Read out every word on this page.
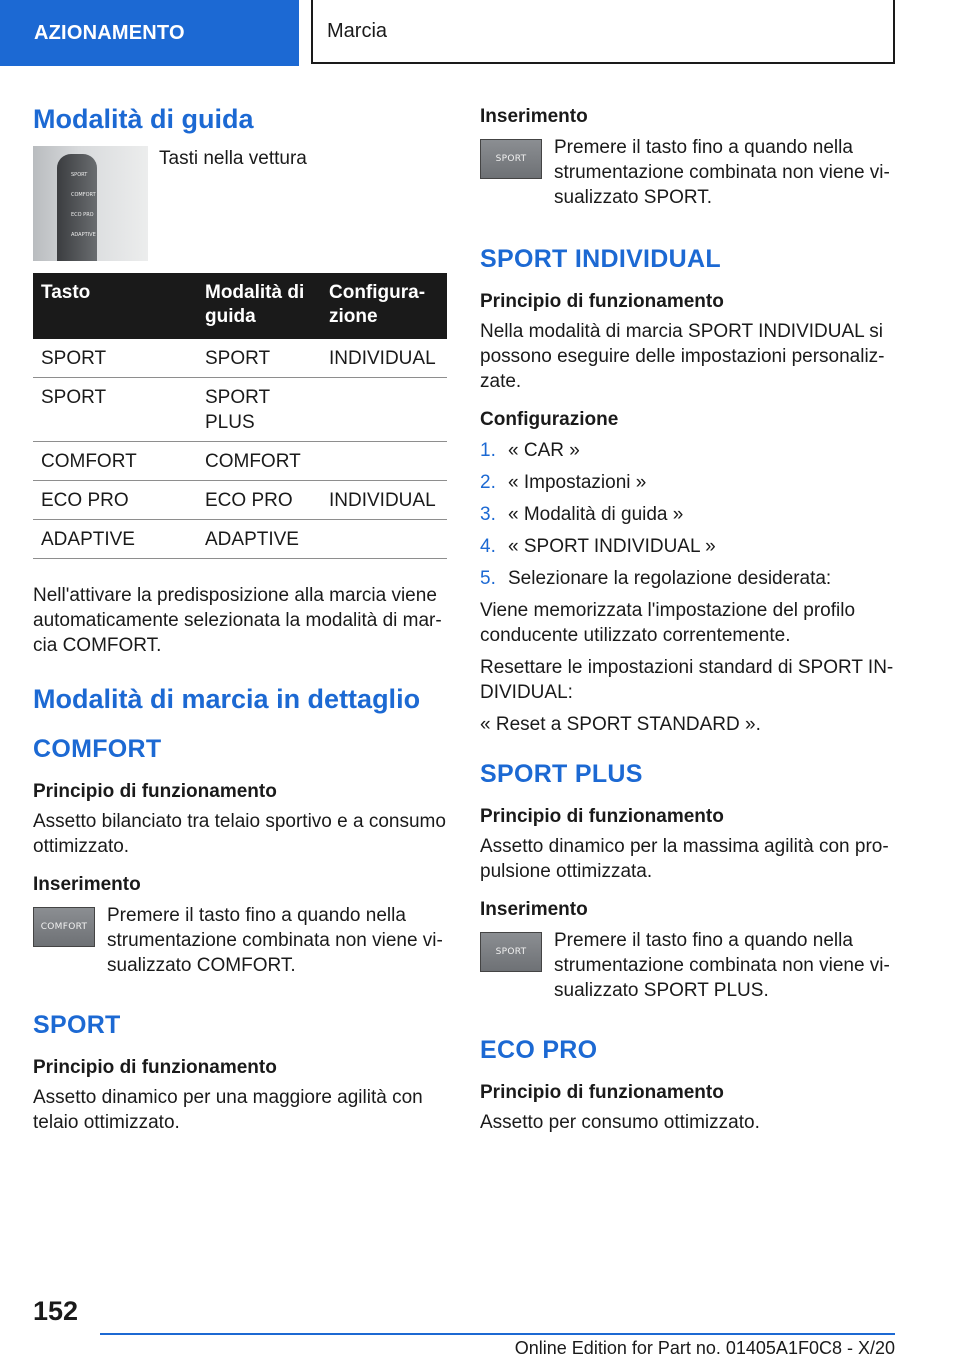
AZIONAMENTO	Marcia
Modalità di guida
SPORT
COMFORT
ECO PRO
ADAPTIVE

Tasti nella vettura

Tasto	Modalità di guida	Configura-zione
SPORT	SPORT	INDIVIDUAL
SPORT	SPORT PLUS	
COMFORT	COMFORT	
ECO PRO	ECO PRO	INDIVIDUAL
ADAPTIVE	ADAPTIVE	

Nell'attivare la predisposizione alla marcia viene automaticamente selezionata la modalità di mar-cia COMFORT.

Modalità di marcia in dettaglio
COMFORT
Principio di funzionamento

Assetto bilanciato tra telaio sportivo e a consumo ottimizzato.

Inserimento
COMFORT

Premere il tasto fino a quando nella strumentazione combinata non viene vi-sualizzato COMFORT.

SPORT
Principio di funzionamento

Assetto dinamico per una maggiore agilità con telaio ottimizzato.

Inserimento
SPORT

Premere il tasto fino a quando nella strumentazione combinata non viene vi-sualizzato SPORT.

SPORT INDIVIDUAL
Principio di funzionamento

Nella modalità di marcia SPORT INDIVIDUAL si possono eseguire delle impostazioni personaliz-zate.

Configurazione
1. « CAR »
2. « Impostazioni »
3. « Modalità di guida »
4. « SPORT INDIVIDUAL »
5. Selezionare la regolazione desiderata:

Viene memorizzata l'impostazione del profilo conducente utilizzato correntemente.

Resettare le impostazioni standard di SPORT IN-DIVIDUAL:

« Reset a SPORT STANDARD ».

SPORT PLUS
Principio di funzionamento

Assetto dinamico per la massima agilità con pro-pulsione ottimizzata.

Inserimento
SPORT

Premere il tasto fino a quando nella strumentazione combinata non viene vi-sualizzato SPORT PLUS.

ECO PRO
Principio di funzionamento

Assetto per consumo ottimizzato.

152
Online Edition for Part no. 01405A1F0C8 - X/20
